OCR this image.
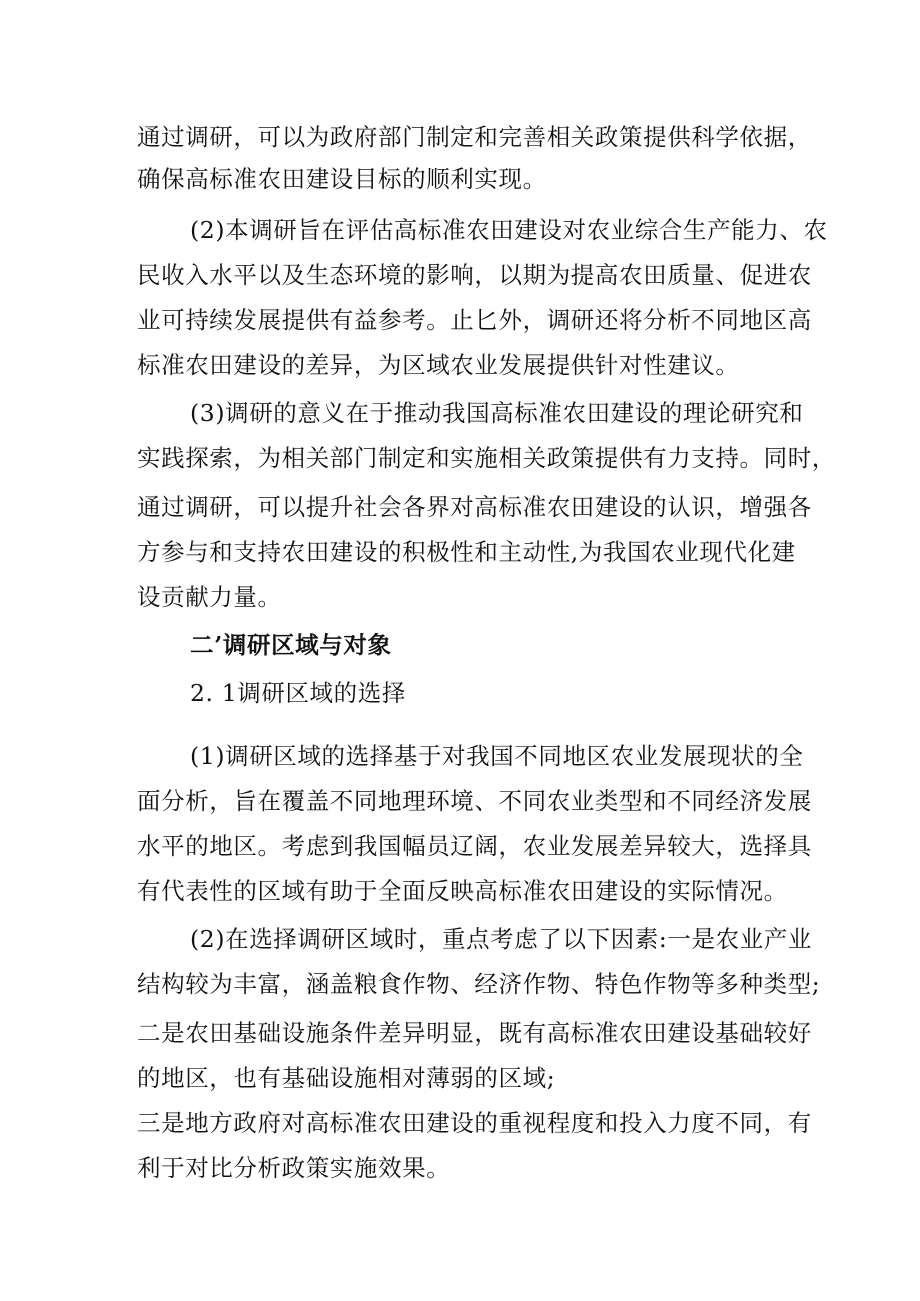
通过调研，可以为政府部门制定和完善相关政策提供科学依据，
确保高标准农田建设目标的顺利实现。
(2)本调研旨在评估高标准农田建设对农业综合生产能力、农
民收入水平以及生态环境的影响，以期为提高农田质量、促进农
业可持续发展提供有益参考。止匕外，调研还将分析不同地区高
标准农田建设的差异，为区域农业发展提供针对性建议。
(3)调研的意义在于推动我国高标准农田建设的理论研究和
实践探索，为相关部门制定和实施相关政策提供有力支持。同时，
通过调研，可以提升社会各界对高标准农田建设的认识，增强各
方参与和支持农田建设的积极性和主动性,为我国农业现代化建
设贡献力量。
二’调研区域与对象
2. 1调研区域的选择
(1)调研区域的选择基于对我国不同地区农业发展现状的全
面分析，旨在覆盖不同地理环境、不同农业类型和不同经济发展
水平的地区。考虑到我国幅员辽阔，农业发展差异较大，选择具
有代表性的区域有助于全面反映高标准农田建设的实际情况。
(2)在选择调研区域时，重点考虑了以下因素:一是农业产业
结构较为丰富，涵盖粮食作物、经济作物、特色作物等多种类型;
二是农田基础设施条件差异明显，既有高标准农田建设基础较好
的地区，也有基础设施相对薄弱的区域;
三是地方政府对高标准农田建设的重视程度和投入力度不同，有
利于对比分析政策实施效果。
